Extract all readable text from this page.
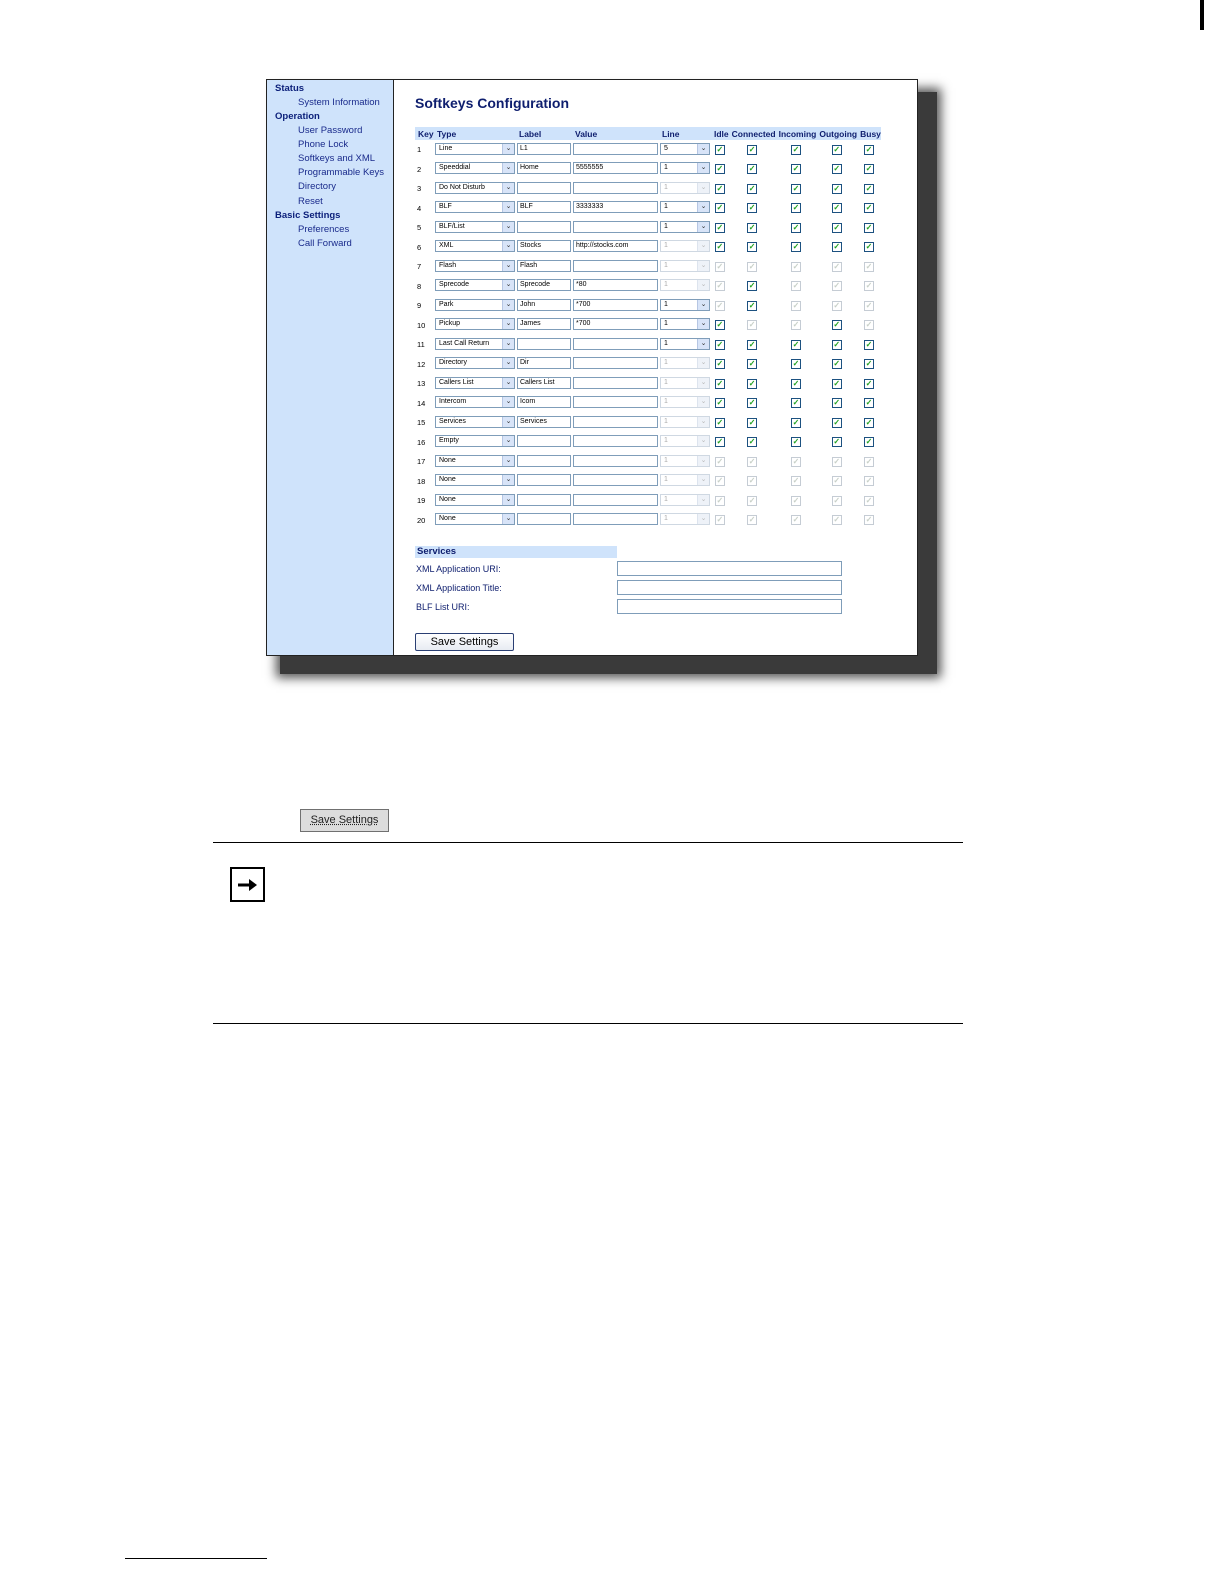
Status
System Information
Operation
User Password
Phone Lock
Softkeys and XML
Programmable Keys
Directory
Reset
Basic Settings
Preferences
Call Forward
Softkeys Configuration
Key	Type	Label	Value	Line	Idle	Connected	Incoming	Outgoing	Busy
1	Line ⌄	L1		5 ⌄	✓	✓	✓	✓	✓
2	Speeddial ⌄	Home	5555555	1 ⌄	✓	✓	✓	✓	✓
3	Do Not Disturb ⌄			1 ⌄	✓	✓	✓	✓	✓
4	BLF ⌄	BLF	3333333	1 ⌄	✓	✓	✓	✓	✓
5	BLF/List ⌄			1 ⌄	✓	✓	✓	✓	✓
6	XML ⌄	Stocks	http://stocks.com	1 ⌄	✓	✓	✓	✓	✓
7	Flash ⌄	Flash		1 ⌄	✓	✓	✓	✓	✓
8	Sprecode ⌄	Sprecode	*80	1 ⌄	✓	✓	✓	✓	✓
9	Park ⌄	John	*700	1 ⌄	✓	✓	✓	✓	✓
10	Pickup ⌄	James	*700	1 ⌄	✓	✓	✓	✓	✓
11	Last Call Return ⌄			1 ⌄	✓	✓	✓	✓	✓
12	Directory ⌄	Dir		1 ⌄	✓	✓	✓	✓	✓
13	Callers List ⌄	Callers List		1 ⌄	✓	✓	✓	✓	✓
14	Intercom ⌄	Icom		1 ⌄	✓	✓	✓	✓	✓
15	Services ⌄	Services		1 ⌄	✓	✓	✓	✓	✓
16	Empty ⌄			1 ⌄	✓	✓	✓	✓	✓
17	None ⌄			1 ⌄	✓	✓	✓	✓	✓
18	None ⌄			1 ⌄	✓	✓	✓	✓	✓
19	None ⌄			1 ⌄	✓	✓	✓	✓	✓
20	None ⌄			1 ⌄	✓	✓	✓	✓	✓
Services
XML Application URI:
XML Application Title:
BLF List URI:
Save Settings
Save Settings
